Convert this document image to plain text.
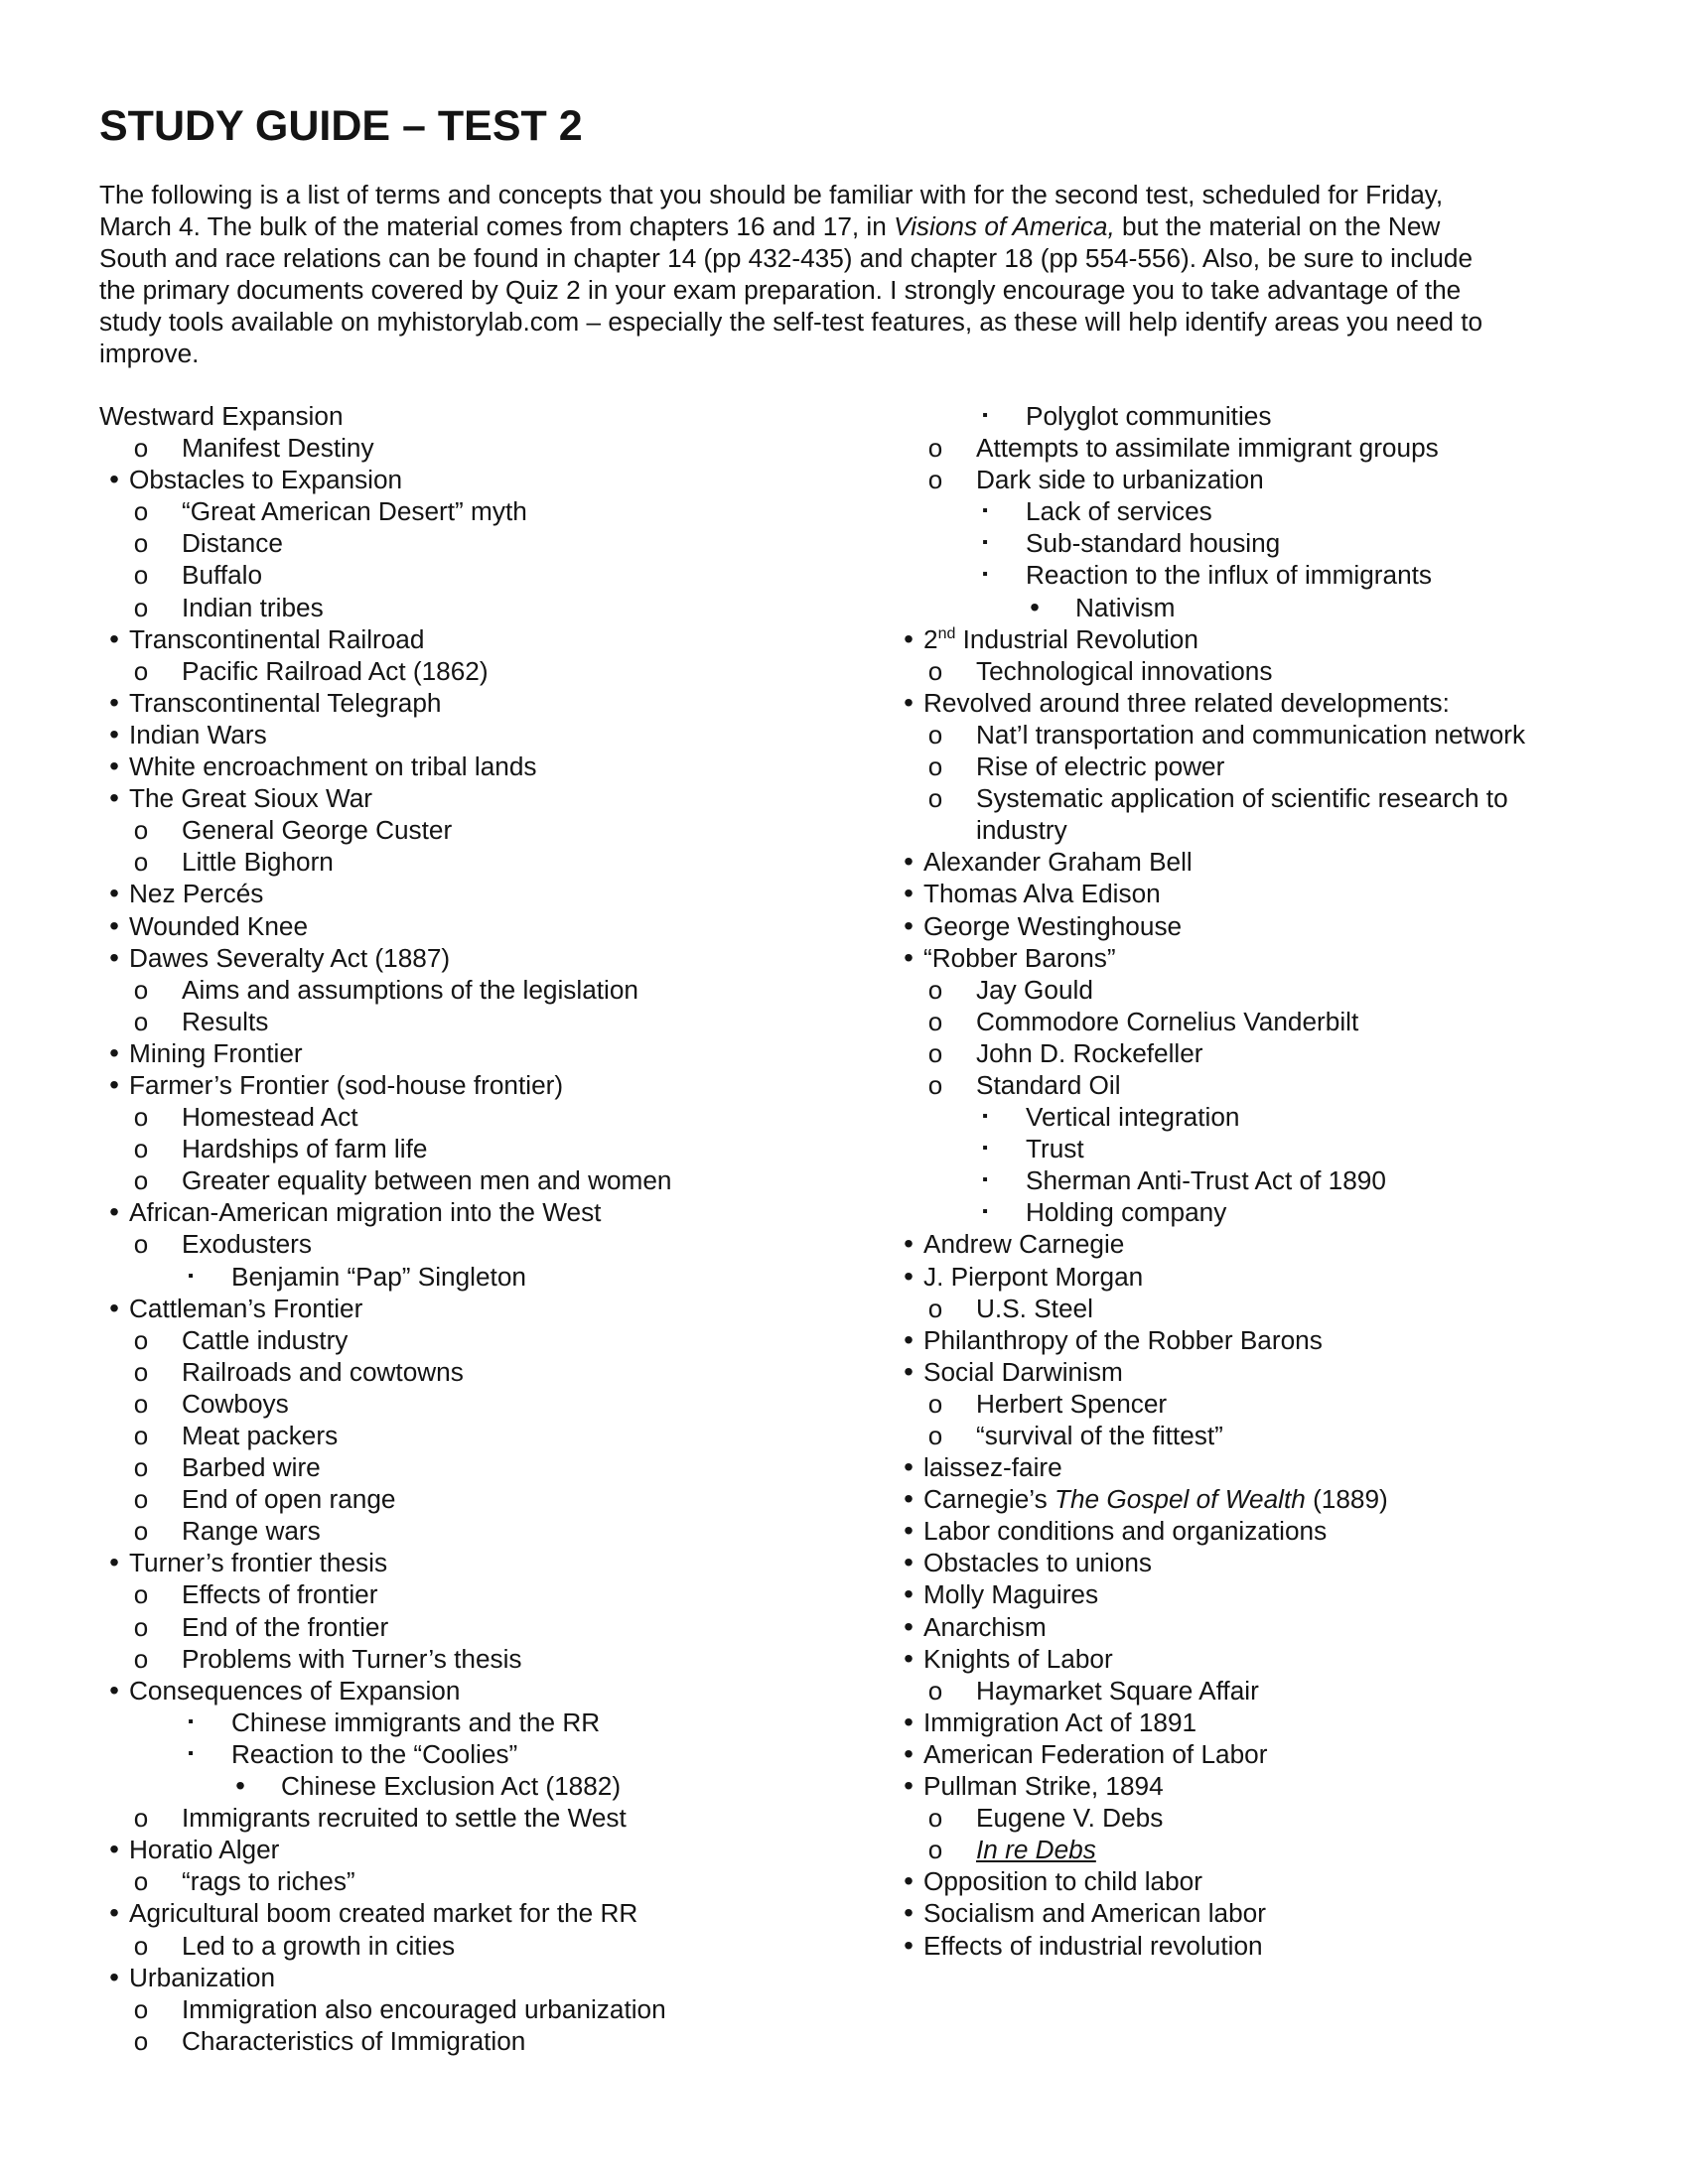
STUDY GUIDE – TEST 2

The following is a list of terms and concepts that you should be familiar with for the second test, scheduled for Friday,
March 4. The bulk of the material comes from chapters 16 and 17, in Visions of America, but the material on the New
South and race relations can be found in chapter 14 (pp 432-435) and chapter 18 (pp 554-556). Also, be sure to include
the primary documents covered by Quiz 2 in your exam preparation. I strongly encourage you to take advantage of the
study tools available on myhistorylab.com – especially the self-test features, as these will help identify areas you need to
improve.

Westward Expansion
o Manifest Destiny
• Obstacles to Expansion
o “Great American Desert” myth
o Distance
o Buffalo
o Indian tribes
• Transcontinental Railroad
o Pacific Railroad Act (1862)
• Transcontinental Telegraph
• Indian Wars
• White encroachment on tribal lands
• The Great Sioux War
o General George Custer
o Little Bighorn
• Nez Percés
• Wounded Knee
• Dawes Severalty Act (1887)
o Aims and assumptions of the legislation
o Results
• Mining Frontier
• Farmer’s Frontier (sod-house frontier)
o Homestead Act
o Hardships of farm life
o Greater equality between men and women
• African-American migration into the West
o Exodusters
▪	Benjamin “Pap” Singleton
• Cattleman’s Frontier
o Cattle industry
o Railroads and cowtowns
o Cowboys
o Meat packers
o Barbed wire
o End of open range
o Range wars
• Turner’s frontier thesis
o Effects of frontier
o End of the frontier
o Problems with Turner’s thesis
• Consequences of Expansion
▪	Chinese immigrants and the RR
▪	Reaction to the “Coolies”
•	Chinese Exclusion Act (1882)
o Immigrants recruited to settle the West
• Horatio Alger
o “rags to riches”
• Agricultural boom created market for the RR
o Led to a growth in cities
• Urbanization
o Immigration also encouraged urbanization
o Characteristics of Immigration
▪	Polyglot communities
o Attempts to assimilate immigrant groups
o Dark side to urbanization
▪	Lack of services
▪	Sub-standard housing
▪	Reaction to the influx of immigrants
•	Nativism
• 2nd Industrial Revolution
o Technological innovations
• Revolved around three related developments:
o Nat’l transportation and communication network
o Rise of electric power
o Systematic application of scientific research to industry
• Alexander Graham Bell
• Thomas Alva Edison
• George Westinghouse
• “Robber Barons”
o Jay Gould
o Commodore Cornelius Vanderbilt
o John D. Rockefeller
o Standard Oil
▪	Vertical integration
▪	Trust
▪	Sherman Anti-Trust Act of 1890
▪	Holding company
• Andrew Carnegie
• J. Pierpont Morgan
o U.S. Steel
• Philanthropy of the Robber Barons
• Social Darwinism
o Herbert Spencer
o “survival of the fittest”
• laissez-faire
• Carnegie’s The Gospel of Wealth (1889)
• Labor conditions and organizations
• Obstacles to unions
• Molly Maguires
• Anarchism
• Knights of Labor
o Haymarket Square Affair
• Immigration Act of 1891
• American Federation of Labor
• Pullman Strike, 1894
o Eugene V. Debs
o In re Debs
• Opposition to child labor
• Socialism and American labor
• Effects of industrial revolution
